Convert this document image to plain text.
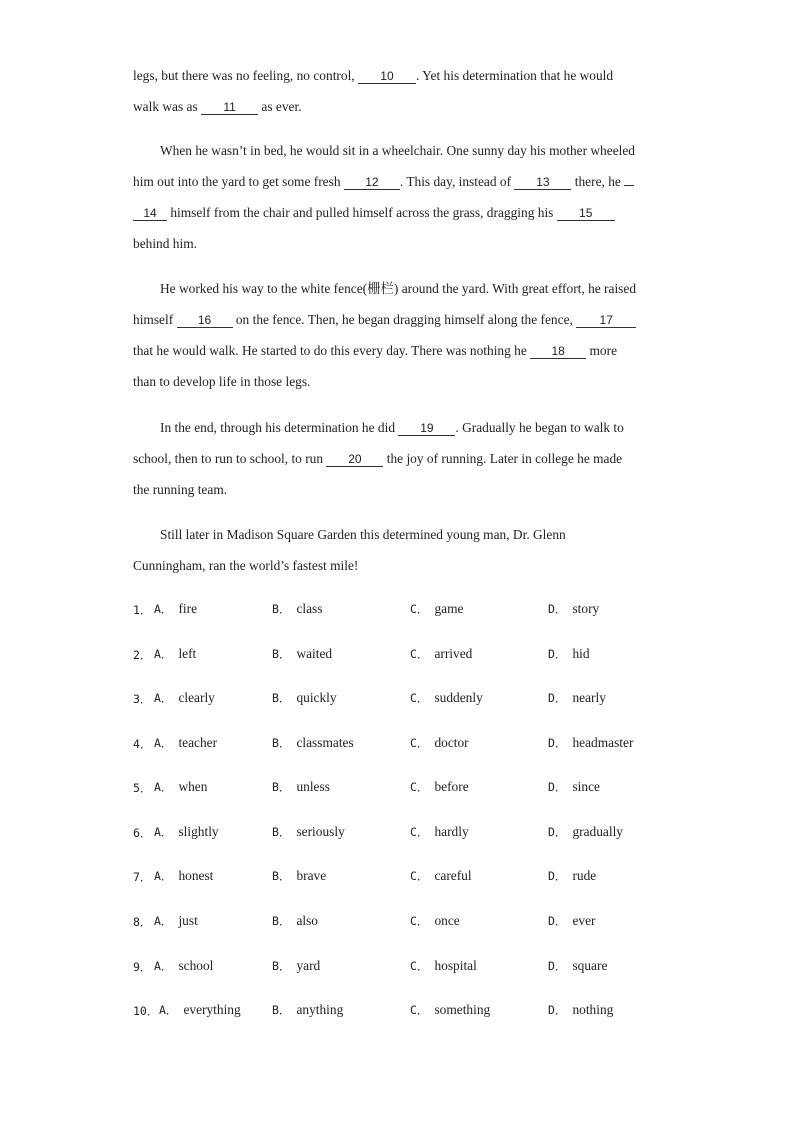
legs, but there was no feeling, no control, 10 . Yet his determination that he would
walk was as 11 as ever.
When he wasn’t in bed, he would sit in a wheelchair. One sunny day his mother wheeled
him out into the yard to get some fresh 12 . This day, instead of 13 there, he
14 himself from the chair and pulled himself across the grass, dragging his 15
behind him.
He worked his way to the white fence(栅栏) around the yard. With great effort, he raised
himself 16 on the fence. Then, he began dragging himself along the fence, 17
that he would walk. He started to do this every day. There was nothing he 18 more
than to develop life in those legs.
In the end, through his determination he did 19 . Gradually he began to walk to
school, then to run to school, to run 20 the joy of running. Later in college he made
the running team.
Still later in Madison Square Garden this determined young man, Dr. Glenn
Cunningham, ran the world’s fastest mile!
1． A． fire	B． class	C． game	D． story
2． A． left	B． waited	C． arrived	D． hid
3． A． clearly	B． quickly	C． suddenly	D． nearly
4． A． teacher	B． classmates	C． doctor	D． headmaster
5． A． when	B． unless	C． before	D． since
6． A． slightly	B． seriously	C． hardly	D． gradually
7． A． honest	B． brave	C． careful	D． rude
8． A． just	B． also	C． once	D． ever
9． A． school	B． yard	C． hospital	D． square
10． A． everything	B． anything	C． something	D． nothing
